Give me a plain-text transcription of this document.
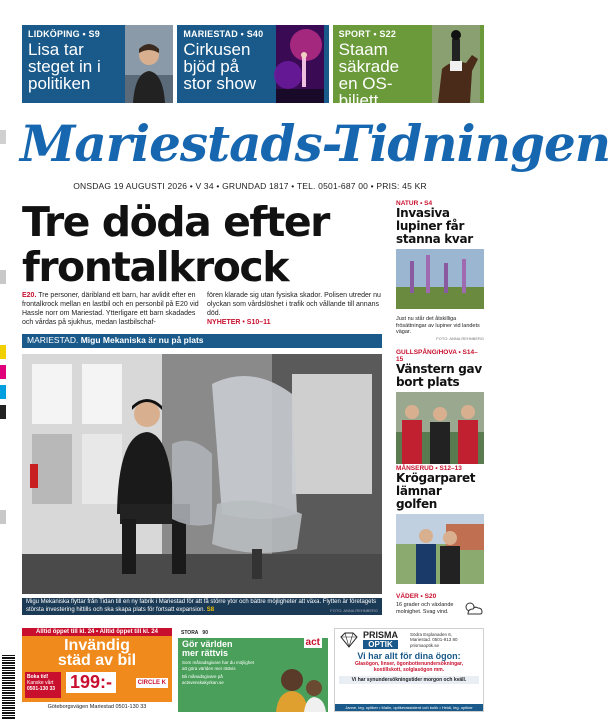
LIDKÖPING • S9
Lisa tar steget in i politiken
MARIESTAD • S40
Cirkusen bjöd på stor show
SPORT • S22
Staam säkrade en OS-biljett
Mariestads-Tidningen
ONSDAG 19 AUGUSTI 2026 • V 34 • GRUNDAD 1817 • TEL. 0501-687 00 • PRIS: 45 KR
Tre döda efter frontalkrock
E20. Tre personer, däribland ett barn, har avlidit efter en frontalkrock mellan en lastbil och en personbil på E20 vid Hassle norr om Mariestad. Ytterligare ett barn skadades och vårdas på sjukhus, medan lastbilschaf-
fören klarade sig utan fysiska skador. Polisen utreder nu olyckan som vårdslöshet i trafik och vållande till annans död.
NYHETER • S10–11
MARIESTAD. Migu Mekaniska är nu på plats
Migu Mekaniska flyttar från Tidan till en ny fabrik i Mariestad för att få större ytor och bättre möjligheter att växa. Flytten är företagets största investering hittills och ska skapa plats för fortsatt expansion. S8	FOTO: ANNA REHNBERG
NATUR • S4
Invasiva lupiner får stanna kvar
Just nu står det åtskilliga frösättningar av lupiner vid landets vägar.
FOTO: ANNA REHNBERG
GULLSPÅNG/HOVA • S14–15
Vänstern gav bort plats
MÅNSERUD • S12–13
Krögarparet lämnar golfen
VÄDER • S20
16 grader och växlande molnighet. Svag vind.
Alltid öppet till kl. 24 • Alltid öppet till kl. 24
Invändig
städ av bil
Boka tid!
Kanske vårt
0501-130 33 199:-	CIRCLE K
Göteborgsvägen Mariestad 0501-130 33
STORA 90
Gör världen
mer rättvis
Som månadsgivare har du möjlighet att göra världen mer rättvis
Bli månadsgivare på actsvenskakyrkan.se
act
PRISMA
OPTIK
Södra Esplanaden 6, Mariestad. 0501-913 80 prismaoptik.se
Vi har allt för dina ögon:
Glasögon, linser, ögonbottenundersökningar, kostillskott, solglasögon mm.
Vi har synundersökningstider morgon och kväll.
Janne, leg. optiker • Malin, optikerassistent och butik • Heidi, leg. optiker
